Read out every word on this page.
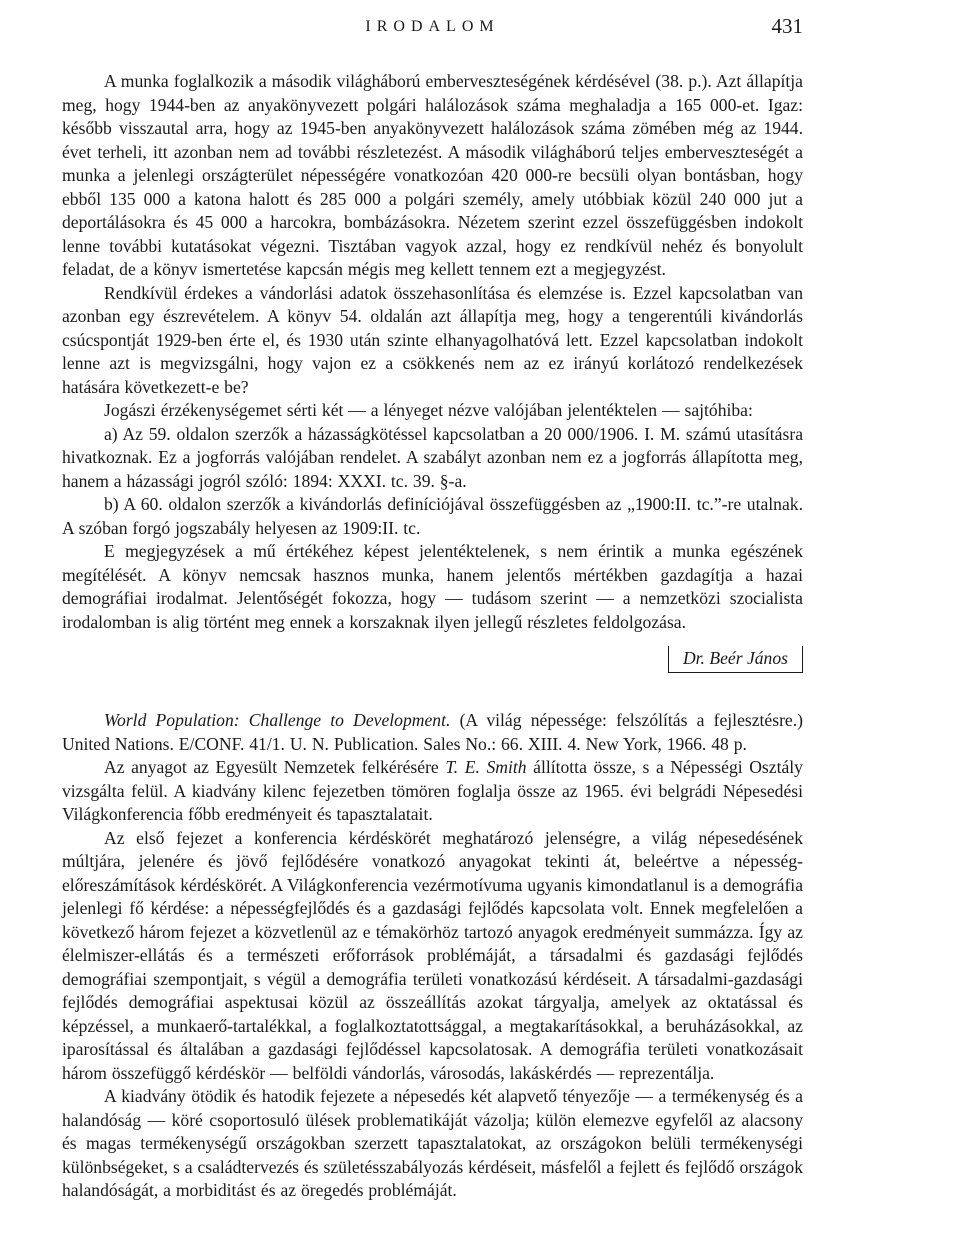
IRODALOM	431

A munka foglalkozik a második világháború emberveszteségének kérdésével (38. p.). Azt állapítja meg, hogy 1944-ben az anyakönyvezett polgári halálozások száma meghaladja a 165 000-et. Igaz: később visszautal arra, hogy az 1945-ben anyakönyvezett halálozások száma zömében még az 1944. évet terheli, itt azonban nem ad további részletezést. A második világháború teljes emberveszteségét a munka a jelenlegi országterület népességére vonatkozóan 420 000-re becsüli olyan bontásban, hogy ebből 135 000 a katona halott és 285 000 a polgári személy, amely utóbbiak közül 240 000 jut a deportálásokra és 45 000 a harcokra, bombázásokra. Nézetem szerint ezzel összefüggésben indokolt lenne további kutatásokat végezni. Tisztában vagyok azzal, hogy ez rendkívül nehéz és bonyolult feladat, de a könyv ismertetése kapcsán mégis meg kellett tennem ezt a megjegyzést.

Rendkívül érdekes a vándorlási adatok összehasonlítása és elemzése is. Ezzel kapcsolatban van azonban egy észrevételem. A könyv 54. oldalán azt állapítja meg, hogy a tengerentúli kivándorlás csúcspontját 1929-ben érte el, és 1930 után szinte elhanyagolhatóvá lett. Ezzel kapcsolatban indokolt lenne azt is megvizsgálni, hogy vajon ez a csökkenés nem az ez irányú korlátozó rendelkezések hatására következett-e be?

Jogászi érzékenységemet sérti két — a lényeget nézve valójában jelentéktelen — sajtóhiba:

a) Az 59. oldalon szerzők a házasságkötéssel kapcsolatban a 20 000/1906. I. M. számú utasításra hivatkoznak. Ez a jogforrás valójában rendelet. A szabályt azonban nem ez a jogforrás állapította meg, hanem a házassági jogról szóló: 1894: XXXI. tc. 39. §-a.

b) A 60. oldalon szerzők a kivándorlás definíciójával összefüggésben az „1900:II. tc.”-re utalnak. A szóban forgó jogszabály helyesen az 1909:II. tc.

E megjegyzések a mű értékéhez képest jelentéktelenek, s nem érintik a munka egészének megítélését. A könyv nemcsak hasznos munka, hanem jelentős mértékben gazdagítja a hazai demográfiai irodalmat. Jelentőségét fokozza, hogy — tudásom szerint — a nemzetközi szocialista irodalomban is alig történt meg ennek a korszaknak ilyen jellegű részletes feldolgozása.

Dr. Beér János

World Population: Challenge to Development. (A világ népessége: felszólítás a fejlesztésre.) United Nations. E/CONF. 41/1. U. N. Publication. Sales No.: 66. XIII. 4. New York, 1966. 48 p.

Az anyagot az Egyesült Nemzetek felkérésére T. E. Smith állította össze, s a Népességi Osztály vizsgálta felül. A kiadvány kilenc fejezetben tömören foglalja össze az 1965. évi belgrádi Népesedési Világkonferencia főbb eredményeit és tapasztalatait.

Az első fejezet a konferencia kérdéskörét meghatározó jelenségre, a világ népesedésének múltjára, jelenére és jövő fejlődésére vonatkozó anyagokat tekinti át, beleértve a népesség-előreszámítások kérdéskörét. A Világkonferencia vezérmotívuma ugyanis kimondatlanul is a demográfia jelenlegi fő kérdése: a népességfejlődés és a gazdasági fejlődés kapcsolata volt. Ennek megfelelően a következő három fejezet a közvetlenül az e témakörhöz tartozó anyagok eredményeit summázza. Így az élelmiszer-ellátás és a természeti erőforrások problémáját, a társadalmi és gazdasági fejlődés demográfiai szempontjait, s végül a demográfia területi vonatkozású kérdéseit. A társadalmi-gazdasági fejlődés demográfiai aspektusai közül az összeállítás azokat tárgyalja, amelyek az oktatással és képzéssel, a munkaerő-tartalékkal, a foglalkoztatottsággal, a megtakarításokkal, a beruházásokkal, az iparosítással és általában a gazdasági fejlődéssel kapcsolatosak. A demográfia területi vonatkozásait három összefüggő kérdéskör — belföldi vándorlás, városodás, lakáskérdés — reprezentálja.

A kiadvány ötödik és hatodik fejezete a népesedés két alapvető tényezője — a termékenység és a halandóság — köré csoportosuló ülések problematikáját vázolja; külön elemezve egyfelől az alacsony és magas termékenységű országokban szerzett tapasztalatokat, az országokon belüli termékenységi különbségeket, s a családtervezés és születésszabályozás kérdéseit, másfelől a fejlett és fejlődő országok halandóságát, a morbiditást és az öregedés problémáját.
